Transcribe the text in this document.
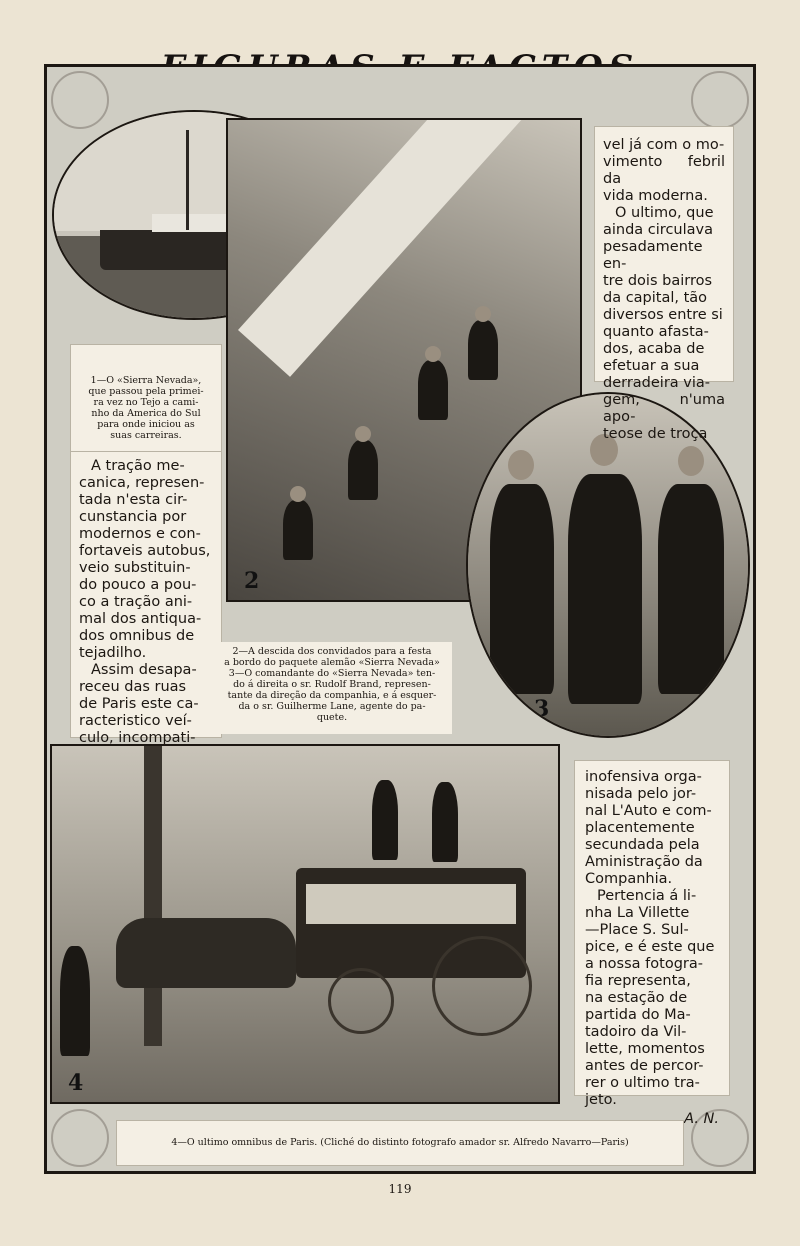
2
3
4
1—O «Sierra Nevada»,
que passou pela primei-
ra vez no Tejo a cami-
nho da America do Sul
para onde iniciou as
suas carreiras.
A tração me-
canica, represen-
tada n'esta cir-
cunstancia por
modernos e con-
fortaveis autobus,
veio substituin-
do pouco a pou-
co a tração ani-
mal dos antiqua-
dos omnibus de
tejadilho.
Assim desapa-
receu das ruas
de Paris este ca-
racteristico veí-
culo, incompati-
2—A descida dos convidados para a festa
a bordo do paquete alemão «Sierra Nevada»
3—O comandante do «Sierra Nevada» ten-
do á direita o sr. Rudolf Brand, represen-
tante da direção da companhia, e á esquer-
da o sr. Guilherme Lane, agente do pa-
quete.
vel já com o mo-
vimento febril da
vida moderna.
O ultimo, que
ainda circulava
pesadamente en-
tre dois bairros
da capital, tão
diversos entre si
quanto afasta-
dos, acaba de
efetuar a sua
derradeira via-
gem, n'uma apo-
teose de troça
inofensiva orga-
nisada pelo jor-
nal L'Auto e com-
placentemente
secundada pela
Aministração da
Companhia.
Pertencia á li-
nha La Villette
—Place S. Sul-
pice, e é este que
a nossa fotogra-
fia representa,
na estação de
partida do Ma-
tadoiro da Vil-
lette, momentos
antes de percor-
rer o ultimo tra-
jeto.
A. N.
4—O ultimo omnibus de Paris. (Cliché do distinto fotografo amador sr. Alfredo Navarro—Paris)
119
